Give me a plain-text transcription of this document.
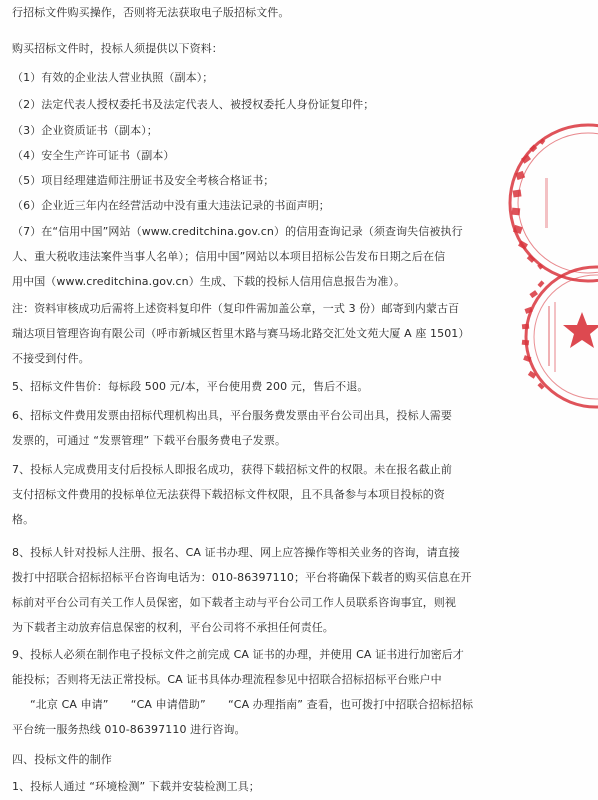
行招标文件购买操作，否则将无法获取电子版招标文件。
购买招标文件时，投标人须提供以下资料：
（1）有效的企业法人营业执照（副本）；
（2）法定代表人授权委托书及法定代表人、被授权委托人身份证复印件；
（3）企业资质证书（副本）；
（4）安全生产许可证书（副本）
（5）项目经理建造师注册证书及安全考核合格证书；
（6）企业近三年内在经营活动中没有重大违法记录的书面声明；
（7）在“信用中国”网站（www.creditchina.gov.cn）的信用查询记录（须查询失信被执行
人、重大税收违法案件当事人名单）；信用中国”网站以本项目招标公告发布日期之后在信
用中国（www.creditchina.gov.cn）生成、下载的投标人信用信息报告为准）。
注：资料审核成功后需将上述资料复印件（复印件需加盖公章，一式 3 份）邮寄到内蒙古百
瑞达项目管理咨询有限公司（呼市新城区哲里木路与赛马场北路交汇处文苑大厦 A 座 1501）
不接受到付件。
5、招标文件售价：每标段 500 元/本，平台使用费 200 元，售后不退。
6、招标文件费用发票由招标代理机构出具，平台服务费发票由平台公司出具，投标人需要
发票的，可通过 “发票管理” 下载平台服务费电子发票。
7、投标人完成费用支付后投标人即报名成功，获得下载招标文件的权限。未在报名截止前
支付招标文件费用的投标单位无法获得下载招标文件权限，且不具备参与本项目投标的资
格。
8、投标人针对投标人注册、报名、CA 证书办理、网上应答操作等相关业务的咨询，请直接
拨打中招联合招标招标平台咨询电话为：010-86397110；平台将确保下载者的购买信息在开
标前对平台公司有关工作人员保密，如下载者主动与平台公司工作人员联系咨询事宜，则视
为下载者主动放弃信息保密的权利，平台公司将不承担任何责任。
9、投标人必须在制作电子投标文件之前完成 CA 证书的办理，并使用 CA 证书进行加密后才
能投标；否则将无法正常投标。CA 证书具体办理流程参见中招联合招标招标平台账户中
“北京 CA 申请”　　“CA 申请借助”　　“CA 办理指南” 查看，也可拨打中招联合招标招标
平台统一服务热线 010-86397110 进行咨询。
四、投标文件的制作
1、投标人通过 “环境检测” 下载并安装检测工具；
